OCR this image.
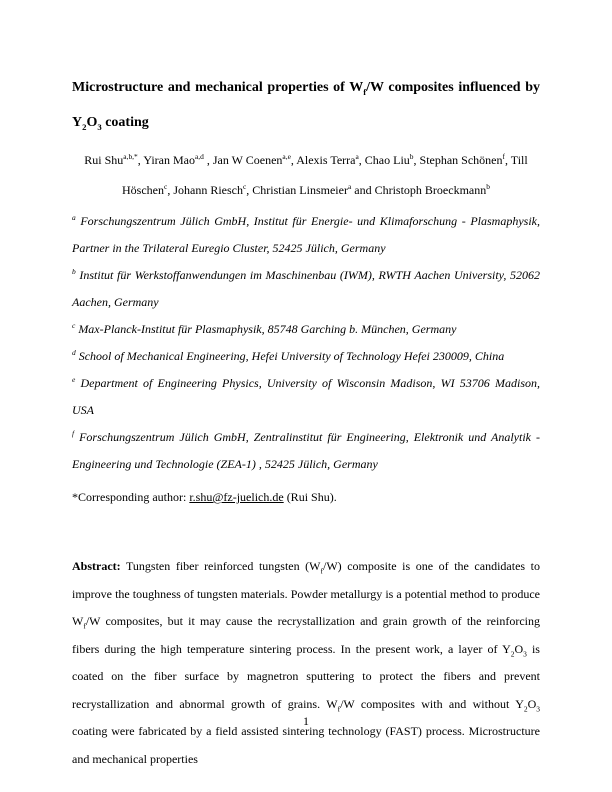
Microstructure and mechanical properties of $W_f/W$ composites influenced by $Y_2O_3$ coating

Rui Shu$^{a,b,*}$, Yiran Mao$^{a,d}$ , Jan W Coenen$^{a,e}$, Alexis Terra$^a$, Chao Liu$^b$, Stephan Schönen$^f$, Till Höschen$^c$, Johann Riesch$^c$, Christian Linsmeier$^a$ and Christoph Broeckmann$^b$

$^a$ Forschungszentrum Jülich GmbH, Institut für Energie- und Klimaforschung - Plasmaphysik, Partner in the Trilateral Euregio Cluster, 52425 Jülich, Germany

$^b$ Institut für Werkstoffanwendungen im Maschinenbau (IWM), RWTH Aachen University, 52062 Aachen, Germany

$^c$ Max-Planck-Institut für Plasmaphysik, 85748 Garching b. München, Germany

$^d$ School of Mechanical Engineering, Hefei University of Technology Hefei 230009, China

$^e$ Department of Engineering Physics, University of Wisconsin Madison, WI 53706 Madison, USA

$^f$ Forschungszentrum Jülich GmbH, Zentralinstitut für Engineering, Elektronik und Analytik - Engineering und Technologie (ZEA-1) , 52425 Jülich, Germany

*Corresponding author: r.shu@fz-juelich.de (Rui Shu).

Abstract: Tungsten fiber reinforced tungsten $(W_f/W)$ composite is one of the candidates to improve the toughness of tungsten materials. Powder metallurgy is a potential method to produce $W_f/W$ composites, but it may cause the recrystallization and grain growth of the reinforcing fibers during the high temperature sintering process. In the present work, a layer of $Y_2O_3$ is coated on the fiber surface by magnetron sputtering to protect the fibers and prevent recrystallization and abnormal growth of grains. $W_f/W$ composites with and without $Y_2O_3$ coating were fabricated by a field assisted sintering technology (FAST) process. Microstructure and mechanical properties

1
